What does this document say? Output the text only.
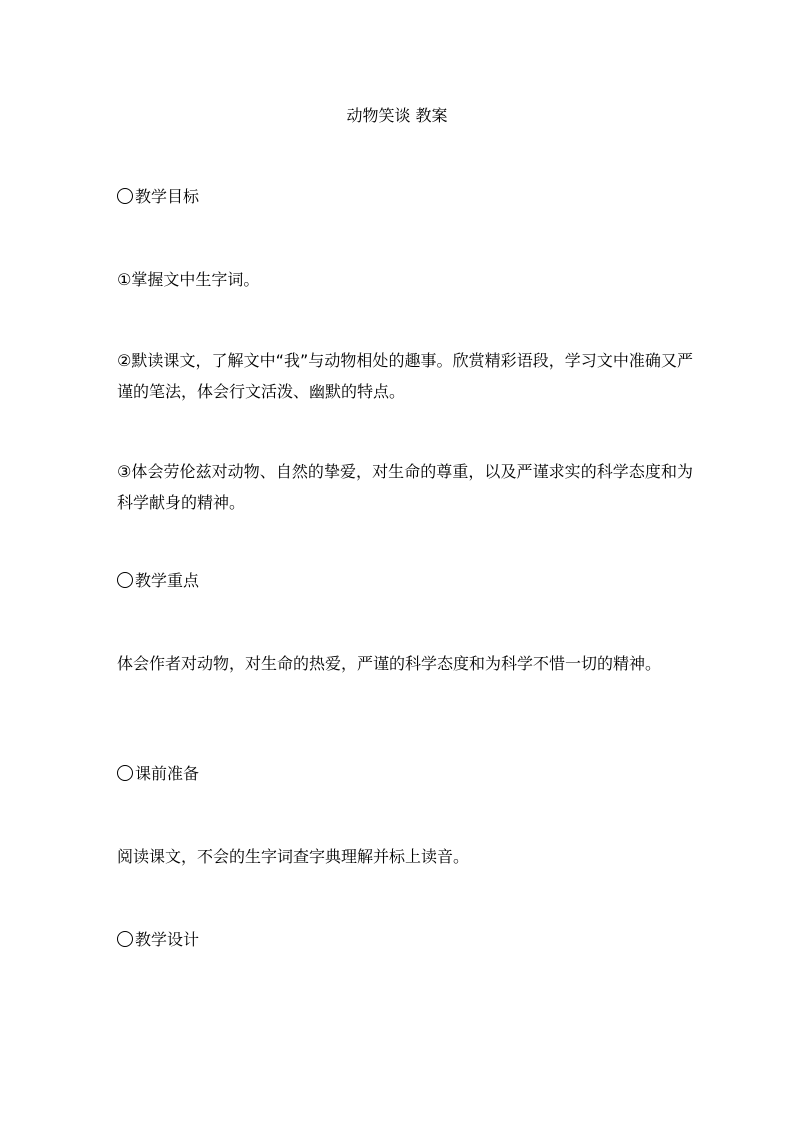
动物笑谈 教案
教学目标

①掌握文中生字词。

②默读课文，了解文中“我”与动物相处的趣事。欣赏精彩语段，学习文中准确又严谨的笔法，体会行文活泼、幽默的特点。

③体会劳伦兹对动物、自然的挚爱，对生命的尊重，以及严谨求实的科学态度和为科学献身的精神。

教学重点

体会作者对动物，对生命的热爱，严谨的科学态度和为科学不惜一切的精神。

课前准备

阅读课文，不会的生字词查字典理解并标上读音。

教学设计
